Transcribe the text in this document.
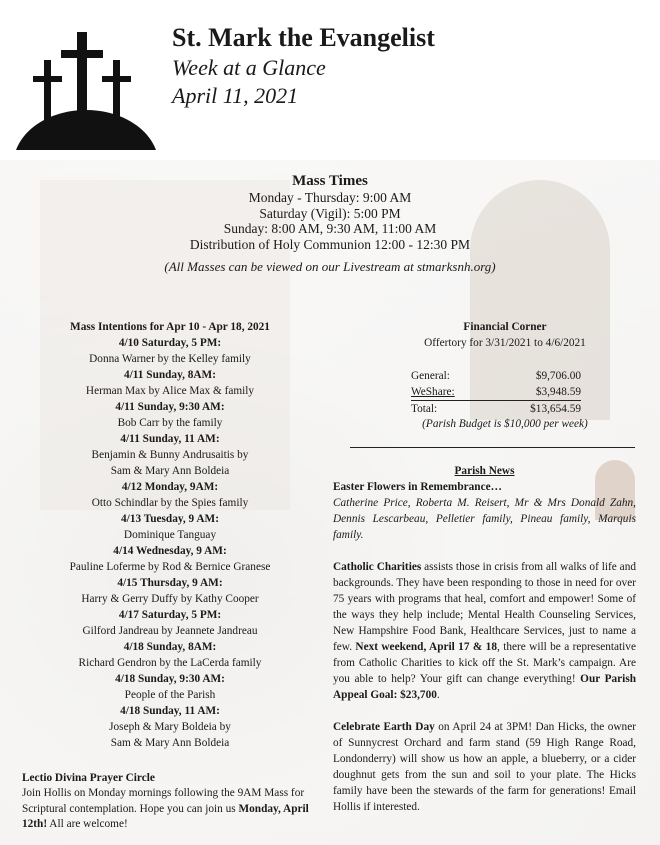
St. Mark the Evangelist
Week at a Glance
April 11, 2021
Mass Times
Monday - Thursday: 9:00 AM
Saturday (Vigil): 5:00 PM
Sunday: 8:00 AM, 9:30 AM, 11:00 AM
Distribution of Holy Communion 12:00 - 12:30 PM
(All Masses can be viewed on our Livestream at stmarksnh.org)
Mass Intentions for Apr 10 - Apr 18, 2021
4/10 Saturday, 5 PM:
Donna Warner by the Kelley family
4/11 Sunday, 8AM:
Herman Max by Alice Max & family
4/11 Sunday, 9:30 AM:
Bob Carr by the family
4/11 Sunday, 11 AM:
Benjamin & Bunny Andrusaitis by
Sam & Mary Ann Boldeia
4/12 Monday, 9AM:
Otto Schindlar by the Spies family
4/13 Tuesday, 9 AM:
Dominique Tanguay
4/14 Wednesday, 9 AM:
Pauline Loferme by Rod & Bernice Granese
4/15 Thursday, 9 AM:
Harry & Gerry Duffy by Kathy Cooper
4/17 Saturday, 5 PM:
Gilford Jandreau by Jeannete Jandreau
4/18 Sunday, 8AM:
Richard Gendron by the LaCerda family
4/18 Sunday, 9:30 AM:
People of the Parish
4/18 Sunday, 11 AM:
Joseph & Mary Boldeia by
Sam & Mary Ann Boldeia
Lectio Divina Prayer Circle
Join Hollis on Monday mornings following the 9AM Mass for Scriptural contemplation. Hope you can join us Monday, April 12th! All are welcome!
Financial Corner
Offertory for 3/31/2021 to 4/6/2021
General:	$9,706.00
WeShare:	$3,948.59
Total:	$13,654.59
(Parish Budget is $10,000 per week)
Parish News

Easter Flowers in Remembrance…

Catherine Price, Roberta M. Reisert, Mr & Mrs Donald Zahn, Dennis Lescarbeau, Pelletier family, Pineau family, Marquis family.

Catholic Charities assists those in crisis from all walks of life and backgrounds. They have been responding to those in need for over 75 years with programs that heal, comfort and empower! Some of the ways they help include; Mental Health Counseling Services, New Hampshire Food Bank, Healthcare Services, just to name a few. Next weekend, April 17 & 18, there will be a representative from Catholic Charities to kick off the St. Mark’s campaign. Are you able to help? Your gift can change everything! Our Parish Appeal Goal: $23,700.

Celebrate Earth Day on April 24 at 3PM! Dan Hicks, the owner of Sunnycrest Orchard and farm stand (59 High Range Road, Londonderry) will show us how an apple, a blueberry, or a cider doughnut gets from the sun and soil to your plate. The Hicks family have been the stewards of the farm for generations! Email Hollis if interested.
